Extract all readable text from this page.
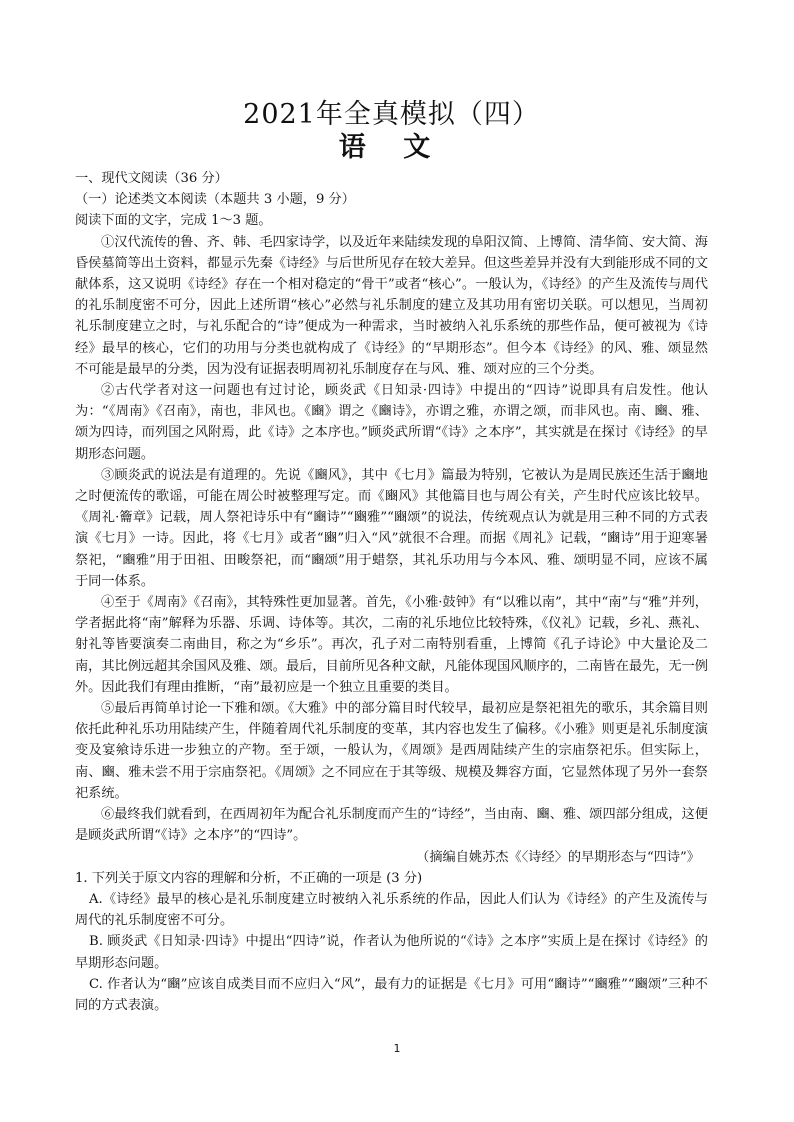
2021年全真模拟（四）
语 文
一、现代文阅读（36 分）
（一）论述类文本阅读（本题共 3 小题，9 分）
阅读下面的文字，完成 1～3 题。
①汉代流传的鲁、齐、韩、毛四家诗学，以及近年来陆续发现的阜阳汉简、上博简、清华简、安大简、海昏侯墓简等出土资料，都显示先秦《诗经》与后世所见存在较大差异。但这些差异并没有大到能形成不同的文献体系，这又说明《诗经》存在一个相对稳定的“骨干”或者“核心”。一般认为，《诗经》的产生及流传与周代的礼乐制度密不可分，因此上述所谓“核心”必然与礼乐制度的建立及其功用有密切关联。可以想见，当周初礼乐制度建立之时，与礼乐配合的“诗”便成为一种需求，当时被纳入礼乐系统的那些作品，便可被视为《诗经》最早的核心，它们的功用与分类也就构成了《诗经》的“早期形态”。但今本《诗经》的风、雅、颂显然不可能是最早的分类，因为没有证据表明周初礼乐制度存在与风、雅、颂对应的三个分类。
②古代学者对这一问题也有过讨论，顾炎武《日知录·四诗》中提出的“四诗”说即具有启发性。他认为：“《周南》《召南》，南也，非风也。《豳》谓之《豳诗》，亦谓之雅，亦谓之颂，而非风也。南、豳、雅、颂为四诗，而列国之风附焉，此《诗》之本序也。”顾炎武所谓“《诗》之本序”，其实就是在探讨《诗经》的早期形态问题。
③顾炎武的说法是有道理的。先说《豳风》，其中《七月》篇最为特别，它被认为是周民族还生活于豳地之时便流传的歌谣，可能在周公时被整理写定。而《豳风》其他篇目也与周公有关，产生时代应该比较早。《周礼·籥章》记载，周人祭祀诗乐中有“豳诗”“豳雅”“豳颂”的说法，传统观点认为就是用三种不同的方式表演《七月》一诗。因此，将《七月》或者“豳”归入“风”就很不合理。而据《周礼》记载，“豳诗”用于迎寒暑祭祀，“豳雅”用于田祖、田畯祭祀，而“豳颂”用于蜡祭，其礼乐功用与今本风、雅、颂明显不同，应该不属于同一体系。
④至于《周南》《召南》，其特殊性更加显著。首先，《小雅·鼓钟》有“以雅以南”，其中“南”与“雅”并列，学者据此将“南”解释为乐器、乐调、诗体等。其次，二南的礼乐地位比较特殊，《仪礼》记载，乡礼、燕礼、射礼等皆要演奏二南曲目，称之为“乡乐”。再次，孔子对二南特别看重，上博简《孔子诗论》中大量论及二南，其比例远超其余国风及雅、颂。最后，目前所见各种文献，凡能体现国风顺序的，二南皆在最先，无一例外。因此我们有理由推断，“南”最初应是一个独立且重要的类目。
⑤最后再简单讨论一下雅和颂。《大雅》中的部分篇目时代较早，最初应是祭祀祖先的歌乐，其余篇目则依托此种礼乐功用陆续产生，伴随着周代礼乐制度的变革，其内容也发生了偏移。《小雅》则更是礼乐制度演变及宴飨诗乐进一步独立的产物。至于颂，一般认为，《周颂》是西周陆续产生的宗庙祭祀乐。但实际上，南、豳、雅未尝不用于宗庙祭祀。《周颂》之不同应在于其等级、规模及舞容方面，它显然体现了另外一套祭祀系统。
⑥最终我们就看到，在西周初年为配合礼乐制度而产生的“诗经”，当由南、豳、雅、颂四部分组成，这便是顾炎武所谓“《诗》之本序”的“四诗”。
（摘编自姚苏杰《〈诗经〉的早期形态与“四诗”》
1. 下列关于原文内容的理解和分析，不正确的一项是 (3 分)
A.《诗经》最早的核心是礼乐制度建立时被纳入礼乐系统的作品，因此人们认为《诗经》的产生及流传与周代的礼乐制度密不可分。
B. 顾炎武《日知录·四诗》中提出“四诗”说，作者认为他所说的“《诗》之本序”实质上是在探讨《诗经》的早期形态问题。
C. 作者认为“豳”应该自成类目而不应归入“风”，最有力的证据是《七月》可用“豳诗”“豳雅”“豳颂”三种不同的方式表演。
1
